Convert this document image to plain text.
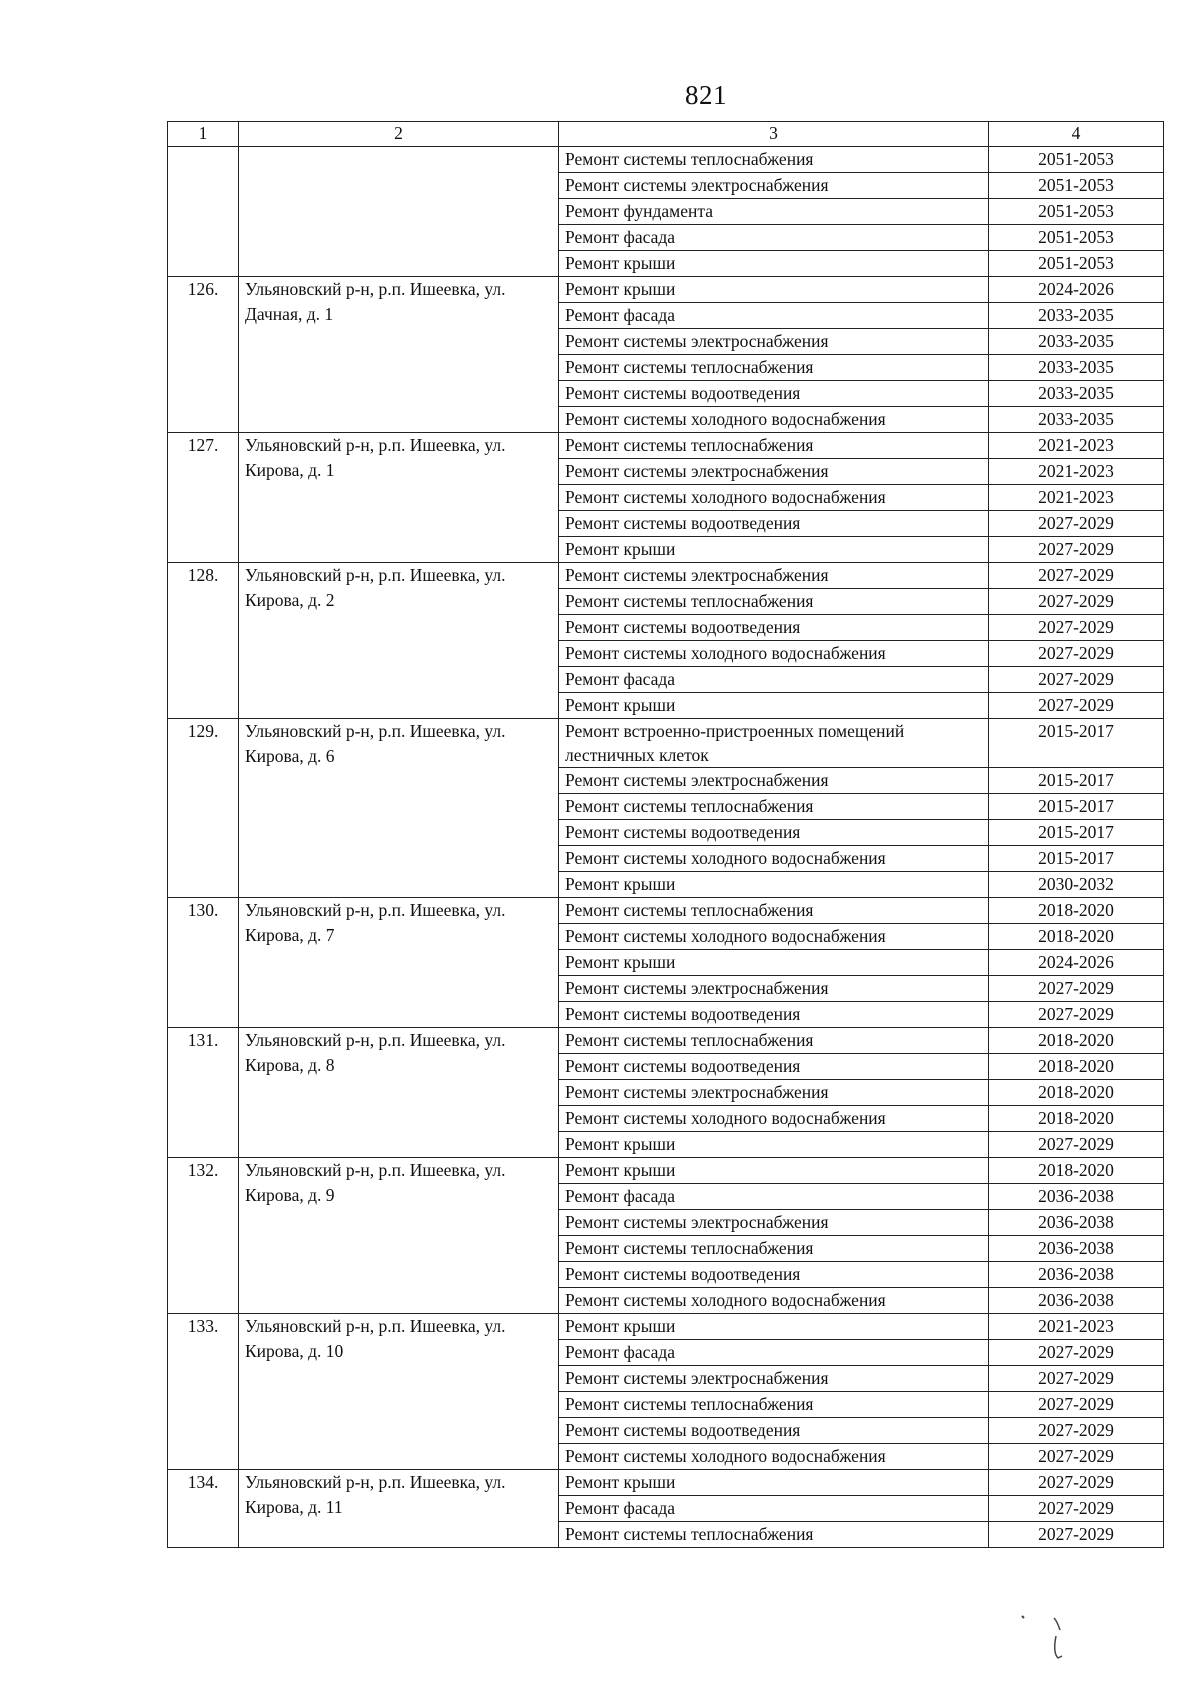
821
1	2	3	4
		Ремонт системы теплоснабжения	2051-2053
		Ремонт системы электроснабжения	2051-2053
		Ремонт фундамента	2051-2053
		Ремонт фасада	2051-2053
		Ремонт крыши	2051-2053
126.	Ульяновский р-н, р.п. Ишеевка, ул. Дачная, д. 1	Ремонт крыши	2024-2026
		Ремонт фасада	2033-2035
		Ремонт системы электроснабжения	2033-2035
		Ремонт системы теплоснабжения	2033-2035
		Ремонт системы водоотведения	2033-2035
		Ремонт системы холодного водоснабжения	2033-2035
127.	Ульяновский р-н, р.п. Ишеевка, ул. Кирова, д. 1	Ремонт системы теплоснабжения	2021-2023
		Ремонт системы электроснабжения	2021-2023
		Ремонт системы холодного водоснабжения	2021-2023
		Ремонт системы водоотведения	2027-2029
		Ремонт крыши	2027-2029
128.	Ульяновский р-н, р.п. Ишеевка, ул. Кирова, д. 2	Ремонт системы электроснабжения	2027-2029
		Ремонт системы теплоснабжения	2027-2029
		Ремонт системы водоотведения	2027-2029
		Ремонт системы холодного водоснабжения	2027-2029
		Ремонт фасада	2027-2029
		Ремонт крыши	2027-2029
129.	Ульяновский р-н, р.п. Ишеевка, ул. Кирова, д. 6	Ремонт встроенно-пристроенных помещений лестничных клеток	2015-2017
		Ремонт системы электроснабжения	2015-2017
		Ремонт системы теплоснабжения	2015-2017
		Ремонт системы водоотведения	2015-2017
		Ремонт системы холодного водоснабжения	2015-2017
		Ремонт крыши	2030-2032
130.	Ульяновский р-н, р.п. Ишеевка, ул. Кирова, д. 7	Ремонт системы теплоснабжения	2018-2020
		Ремонт системы холодного водоснабжения	2018-2020
		Ремонт крыши	2024-2026
		Ремонт системы электроснабжения	2027-2029
		Ремонт системы водоотведения	2027-2029
131.	Ульяновский р-н, р.п. Ишеевка, ул. Кирова, д. 8	Ремонт системы теплоснабжения	2018-2020
		Ремонт системы водоотведения	2018-2020
		Ремонт системы электроснабжения	2018-2020
		Ремонт системы холодного водоснабжения	2018-2020
		Ремонт крыши	2027-2029
132.	Ульяновский р-н, р.п. Ишеевка, ул. Кирова, д. 9	Ремонт крыши	2018-2020
		Ремонт фасада	2036-2038
		Ремонт системы электроснабжения	2036-2038
		Ремонт системы теплоснабжения	2036-2038
		Ремонт системы водоотведения	2036-2038
		Ремонт системы холодного водоснабжения	2036-2038
133.	Ульяновский р-н, р.п. Ишеевка, ул. Кирова, д. 10	Ремонт крыши	2021-2023
		Ремонт фасада	2027-2029
		Ремонт системы электроснабжения	2027-2029
		Ремонт системы теплоснабжения	2027-2029
		Ремонт системы водоотведения	2027-2029
		Ремонт системы холодного водоснабжения	2027-2029
134.	Ульяновский р-н, р.п. Ишеевка, ул. Кирова, д. 11	Ремонт крыши	2027-2029
		Ремонт фасада	2027-2029
		Ремонт системы теплоснабжения	2027-2029
